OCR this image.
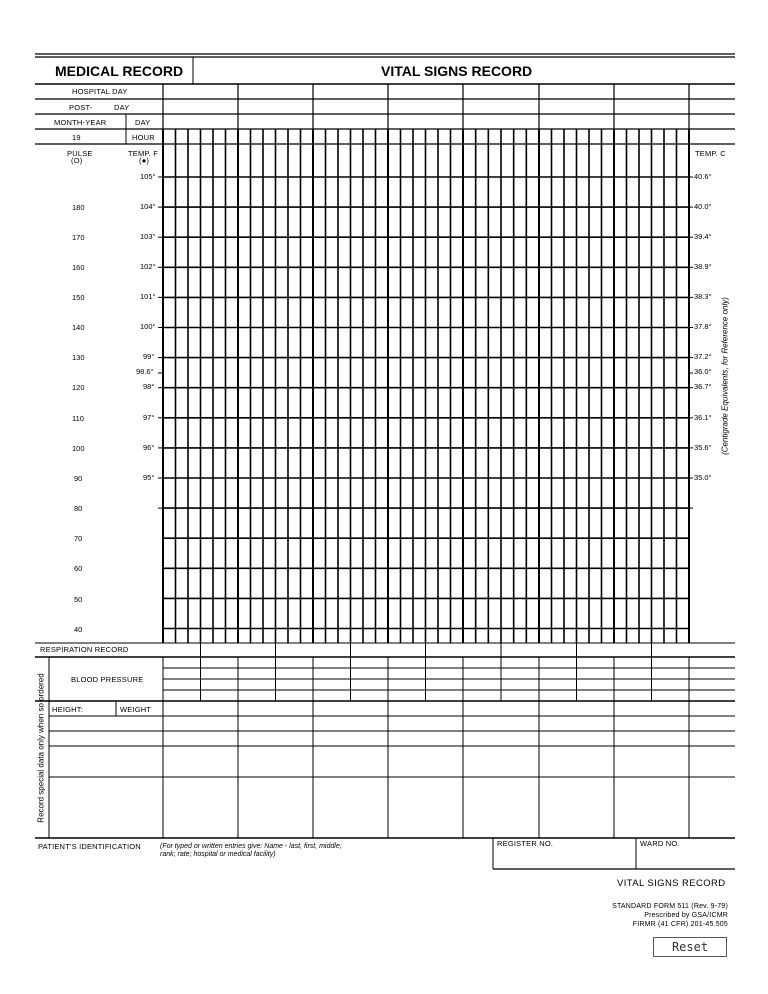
MEDICAL RECORD	VITAL SIGNS RECORD
HOSPITAL DAY
POST-	DAY
MONTH-YEAR	DAY
19	HOUR
PULSE
(O)
TEMP. F
(●)
TEMP. C
180
170
160
150
140
130
120
110
100
90
80
70
60
50
40
105°
104°
103°
102°
101°
100°
99°
98.6°
98°
97°
96°
95°
40.6°
40.0°
39.4°
38.9°
38.3°
37.8°
37.2°
36.0°
36.7°
36.1°
35.6°
35.0°
(Centigrade Equivalents, for Reference only)
Record special data only when so ordered
RESPIRATION RECORD
BLOOD PRESSURE
HEIGHT:	WEIGHT
PATIENT'S IDENTIFICATION	(For typed or written entries give: Name - last, first, middle;
rank; rate; hospital or medical facility)
REGISTER NO.	WARD NO.
VITAL SIGNS RECORD
STANDARD FORM 511 (Rev. 9-79)
Prescribed by GSA/ICMR
FIRMR (41 CFR) 201-45.505
Reset
